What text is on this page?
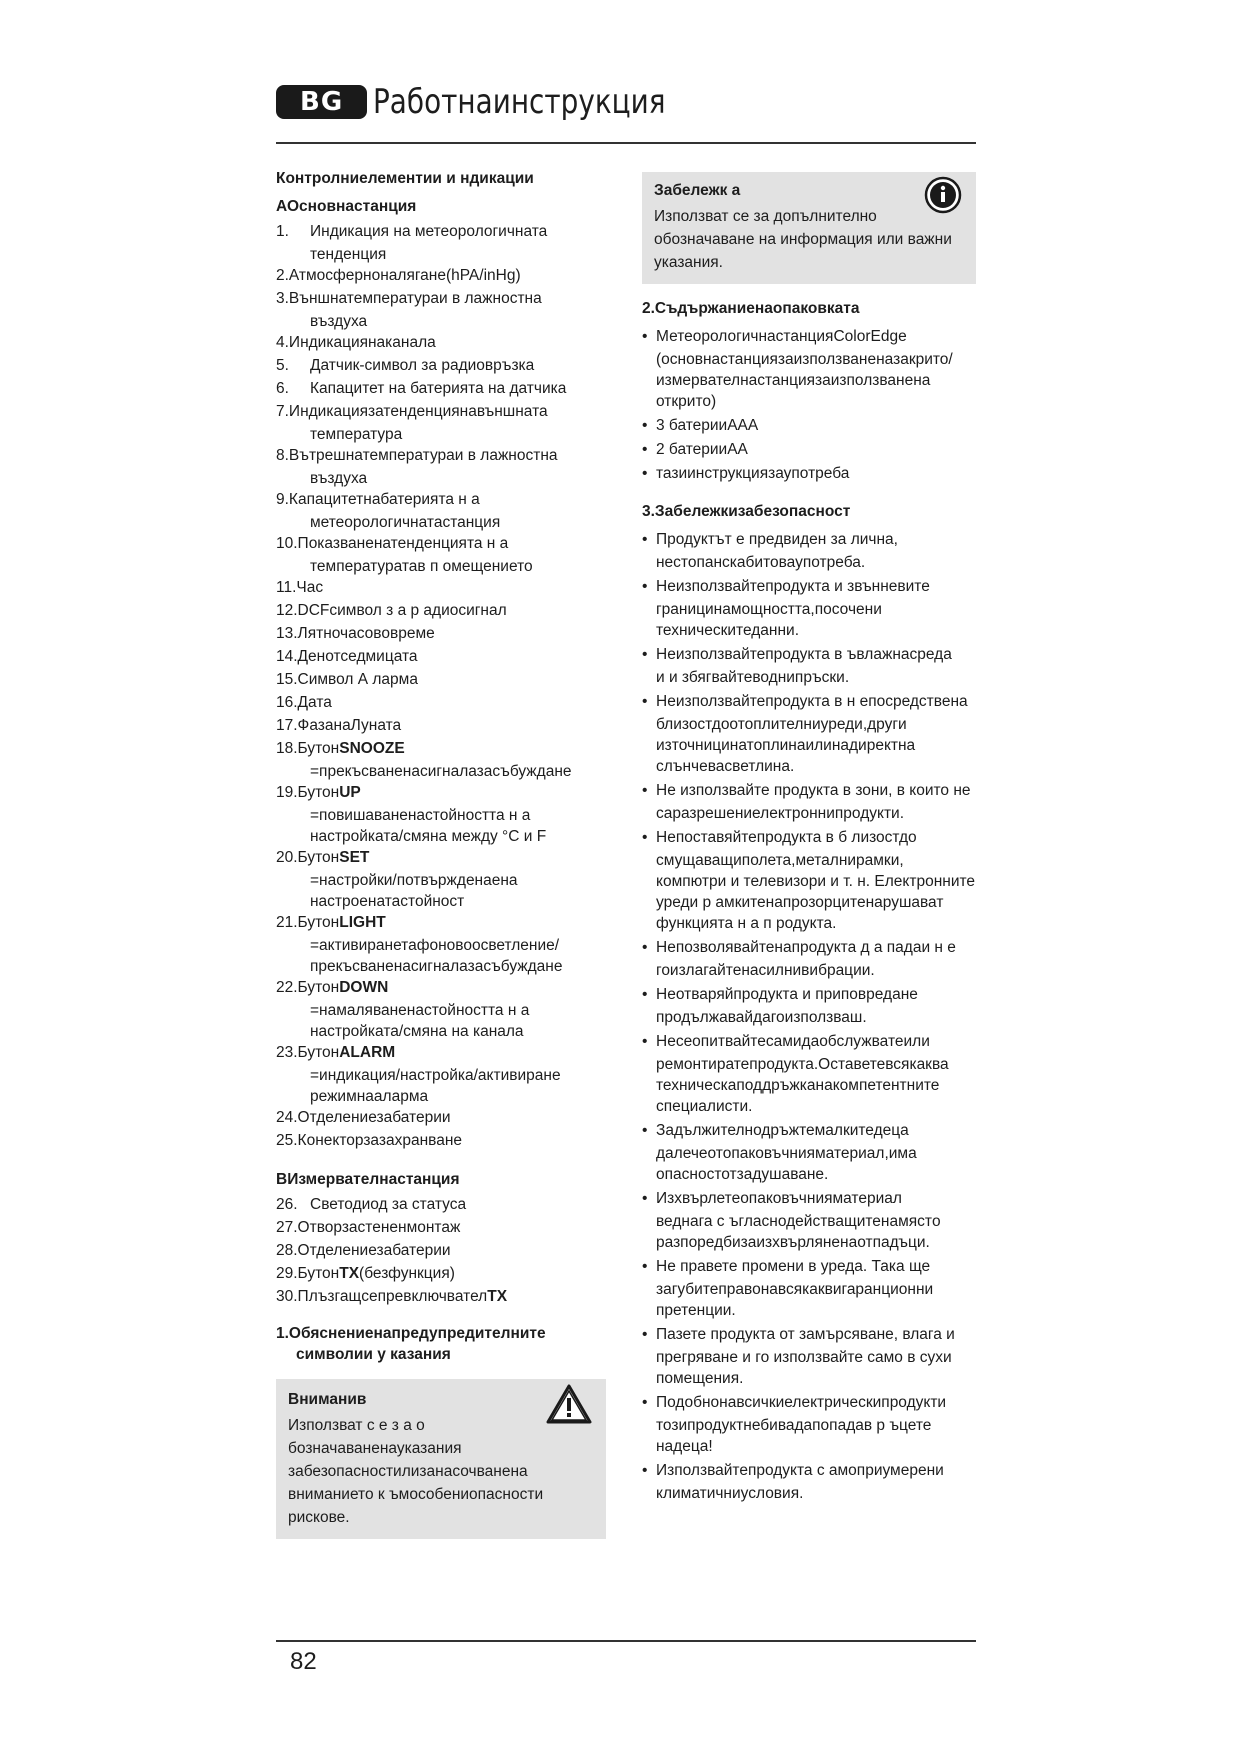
BG Работнаинструкция
Контролниелементии и ндикации
АОсновнастанция
1.	Индикация на метеорологичната
тенденция
2.Атмосферноналягане(hPA/inHg)
3.Външнатемператураи в лажностна
въздуха
4.Индикациянаканала
5.	Датчик-символ за радиовръзка
6.	Капацитет на батерията на датчика
7.Индикациязатенденциянавъншната
температура
8.Вътрешнатемператураи в лажностна
въздуха
9.Капацитетнабатерията н а
метеорологичнатастанция
10.Показваненатенденцията н а
температуратав п омещението
11.Час
12.DCFсимвол з а р адиосигнал
13.Лятночасововреме
14.Денотседмицата
15.Символ А ларма
16.Дата
17.ФазанаЛуната
18.Бутон SNOOZE
=прекъсваненасигналазасъбуждане
19.Бутон UP
=повишаваненастойността н а
настройката/смяна между °C и F
20.Бутон SET
=настройки/потвържденаена
настроенатастойност
21.Бутон LIGHT
=активиранетафоновоосветление/
прекъсваненасигналазасъбуждане
22.Бутон DOWN
=намаляваненастойността н а
настройката/смяна на канала
23.Бутон ALARM
=индикация/настройка/активиране
режимнааларма
24.Отделениезабатерии
25.Конекторзазахранване
ВИзмервателнастанция
26. Светодиод за статуса
27.Отворзастененмонтаж
28.Отделениезабатерии
29.Бутон TX (безфункция)
30.Плъзгащсепревключвател TX
1.Обяснениенапредупредителните
символии у казания
Вниманив
Използват с е з а о бозначаваненауказания забезопасностилизанасочванена вниманието к ъмособениопасности рискове.
Забележк а
Използват се за допълнително обозначаване на информация или важни указания.
2.Съдържаниенаопаковката
• МетеорологичнастанцияColorEdge
(основнастанциязаизползваненазакрито/
измервателнастанциязаизползванена
открито)
• 3 батерииAAA
• 2 батерииAA
• тазиинструкциязаупотреба
3.Забележкизабезопасност
• Продуктът е предвиден за лична,
нестопанскабитоваупотреба.
• Неизползвайтепродукта и звънневите
границинамощността,посочени
техническитеданни.
• Неизползвайтепродукта в ъвлажнасреда
и и збягвайтеводнипръски.
• Неизползвайтепродукта в н епосредствена
близостдоотоплителниуреди,други
източницинатоплинаилинадиректна
слънчевасветлина.
• Не използвайте продукта в зони, в които не
саразрешениелектроннипродукти.
• Непоставяйтепродукта в б лизостдо
смущаващиполета,металнирамки,
компютри и телевизори и т. н. Електронните
уреди р амкитенапрозорцитенарушават
функцията н а п родукта.
• Непозволявайтенапродукта д а падаи н е
гоизлагайтенасилнивибрации.
• Неотваряйпродукта и приповредане
продължавайдагоизползваш.
• Несеопитвайтесамидаобслужватеили
ремонтиратепродукта.Оставетевсякаква
техническаподдръжканакомпетентните
специалисти.
• Задължителнодръжтемалкитедеца
далечеотопаковъчнияматериал,има
опасностотзадушаване.
• Изхвърлетеопаковъчнияматериал
веднага с ъгласнодействащитенамястo
разпоредбизаизхвърляненаотпадъци.
• Не правете промени в уреда. Така ще
загубитеправонавсякаквигаранционни
претенции.
• Пазете продукта от замърсяване, влага и
прегряване и го използвайте само в сухи
помещения.
• Подобнонавсичкиелектрическипродукти
тозипродуктнебивадапопадав р ъцете
надеца!
• Използвайтепродукта с амоприумерени
климатичниусловия.
82
